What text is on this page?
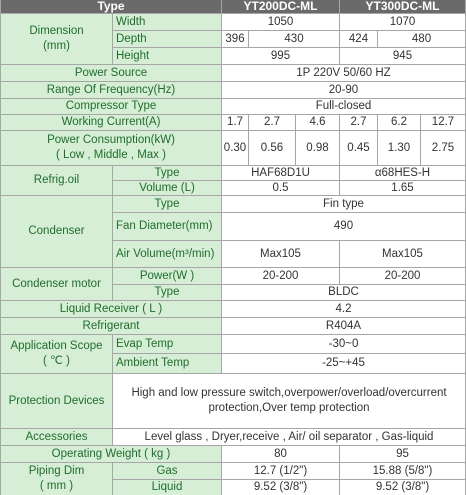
Type	YT200DC-ML	YT300DC-ML
Dimension
(mm)
Width	1050	1070
Depth	396	430	424	480
Height	995	945
Power Source	1P 220V 50/60 HZ
Range Of Frequency(Hz)	20-90
Compressor Type	Full-closed
Working Current(A)	1.7	2.7	4.6	2.7	6.2	12.7
Power Consumption(kW)
( Low , Middle , Max )
0.30	0.56	0.98	0.45	1.30	2.75
Refrig.oil
Type	HAF68D1U	α68HES-H
Volume (L)	0.5	1.65
Condenser
Type	Fin type
Fan Diameter(mm)	490
Air Volume(m³/min)	Max105	Max105
Condenser motor
Power(W )	20-200	20-200
Type	BLDC
Liquid Receiver ( L )	4.2
Refrigerant	R404A
Application Scope
( ℃ )
Evap Temp	-30~0
Ambient Temp	-25~+45
Protection Devices
High and low pressure switch,overpower/overload/overcurrent protection,Over temp protection
Accessories	Level glass , Dryer,receive , Air/ oil separator , Gas-liquid
Operating Weight ( kg )	80	95
Piping Dim
( mm )
Gas	12.7 (1/2")	15.88 (5/8")
Liquid	9.52 (3/8")	9.52 (3/8")
